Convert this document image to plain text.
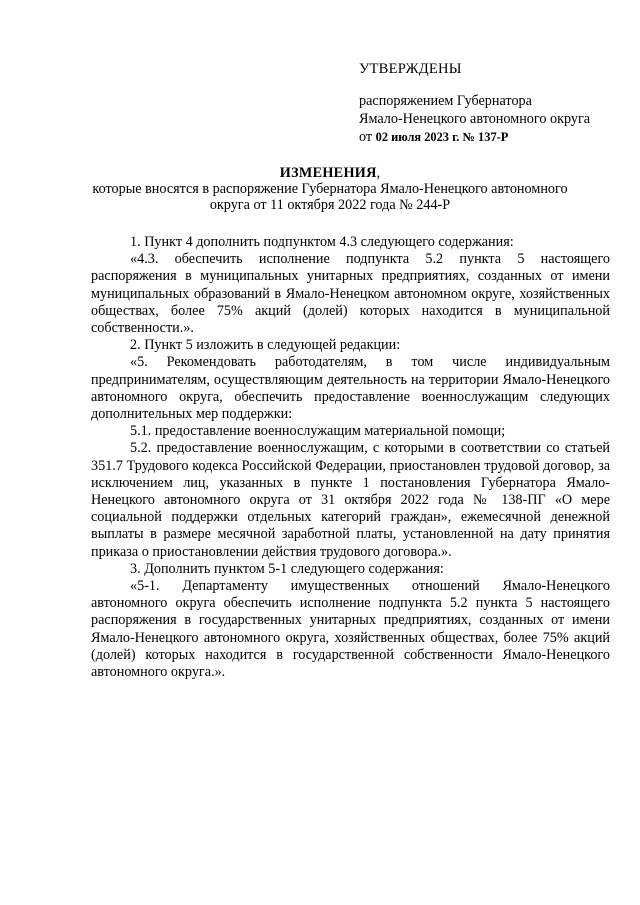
УТВЕРЖДЕНЫ
распоряжением Губернатора
Ямало-Ненецкого автономного округа
от 02 июля 2023 г. № 137-Р
ИЗМЕНЕНИЯ,
которые вносятся в распоряжение Губернатора Ямало-Ненецкого автономного
округа от 11 октября 2022 года № 244-Р

1. Пункт 4 дополнить подпунктом 4.3 следующего содержания:

«4.3. обеспечить исполнение подпункта 5.2 пункта 5 настоящего распоряжения в муниципальных унитарных предприятиях, созданных от имени муниципальных образований в Ямало-Ненецком автономном округе, хозяйственных обществах, более 75% акций (долей) которых находится в муниципальной собственности.».

2. Пункт 5 изложить в следующей редакции:

«5. Рекомендовать работодателям, в том числе индивидуальным предпринимателям, осуществляющим деятельность на территории Ямало-Ненецкого автономного округа, обеспечить предоставление военнослужащим следующих дополнительных мер поддержки:

5.1. предоставление военнослужащим материальной помощи;

5.2. предоставление военнослужащим, с которыми в соответствии со статьей 351.7 Трудового кодекса Российской Федерации, приостановлен трудовой договор, за исключением лиц, указанных в пункте 1 постановления Губернатора Ямало-Ненецкого автономного округа от 31 октября 2022 года № 138-ПГ «О мере социальной поддержки отдельных категорий граждан», ежемесячной денежной выплаты в размере месячной заработной платы, установленной на дату принятия приказа о приостановлении действия трудового договора.».

3. Дополнить пунктом 5-1 следующего содержания:

«5-1. Департаменту имущественных отношений Ямало-Ненецкого автономного округа обеспечить исполнение подпункта 5.2 пункта 5 настоящего распоряжения в государственных унитарных предприятиях, созданных от имени Ямало-Ненецкого автономного округа, хозяйственных обществах, более 75% акций (долей) которых находится в государственной собственности Ямало-Ненецкого автономного округа.».
